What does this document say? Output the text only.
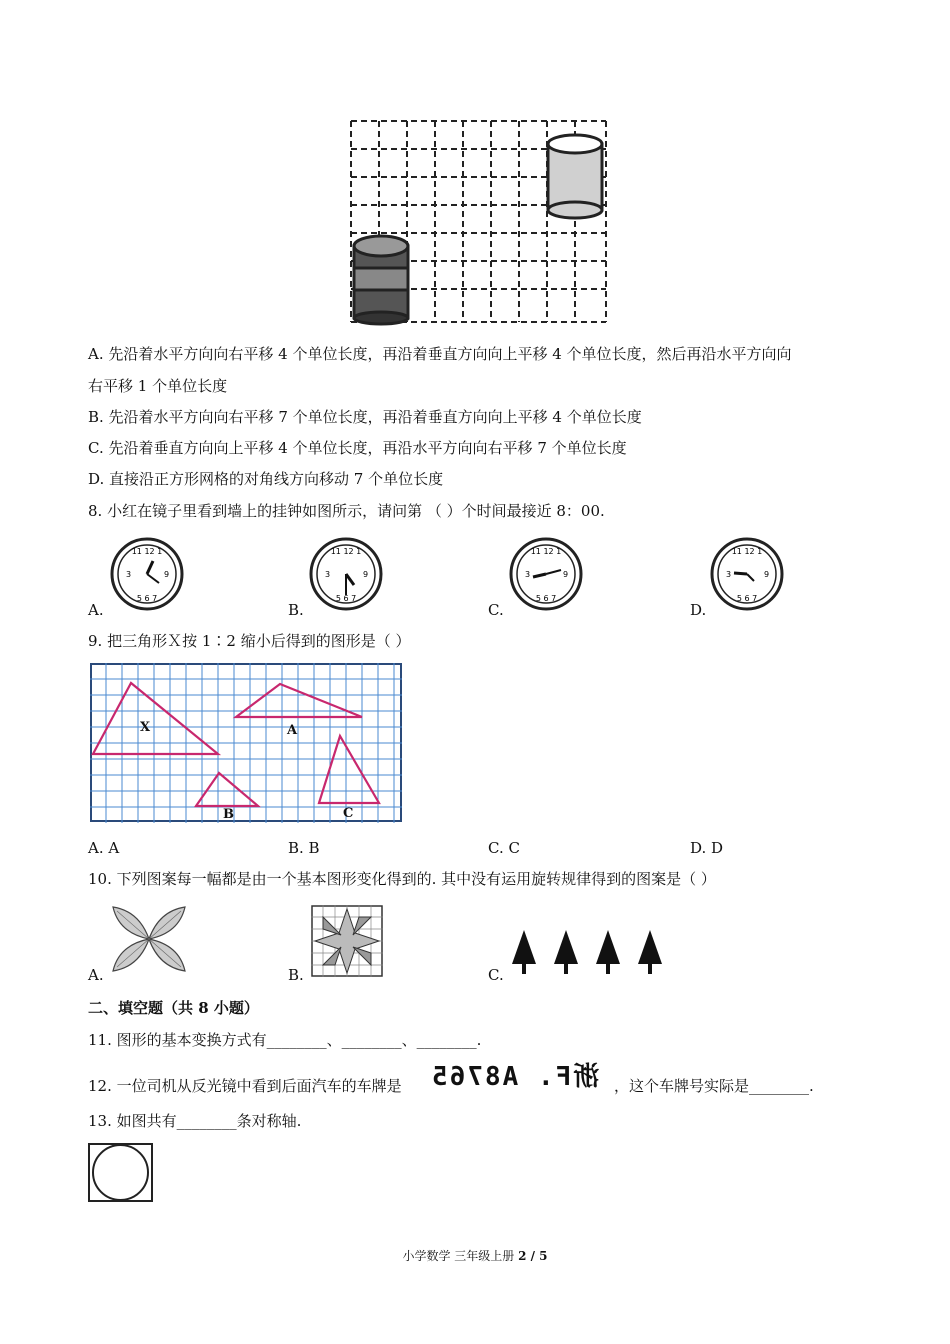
A. 先沿着水平方向向右平移 4 个单位长度，再沿着垂直方向向上平移 4 个单位长度，然后再沿水平方向向
右平移 1 个单位长度
B. 先沿着水平方向向右平移 7 个单位长度，再沿着垂直方向向上平移 4 个单位长度
C. 先沿着垂直方向向上平移 4 个单位长度，再沿水平方向向右平移 7 个单位长度
D. 直接沿正方形网格的对角线方向移动 7 个单位长度
8. 小红在镜子里看到墙上的挂钟如图所示，请问第 （ ）个时间最接近 8：00.
11 12 1
3	9
5 6 7
11 12 1
3	9
5 6 7
11 12 1
3	9
5 6 7
11 12 1
3	9
5 6 7
A.	B.	C.	D.
9. 把三角形Ｘ按 1∶2 缩小后得到的图形是（ ）
X	A
B	C
A. A	B. B	C. C	D. D
10. 下列图案每一幅都是由一个基本图形变化得到的. 其中没有运用旋转规律得到的图案是（ ）
A.	B.	C.
二、填空题（共 8 小题）
11. 图形的基本变换方式有________、________、________.
12. 一位司机从反光镜中看到后面汽车的车牌是 浙F. A8765 ，这个车牌号实际是________.
13. 如图共有________条对称轴.
小学数学 三年级上册 2 / 5
